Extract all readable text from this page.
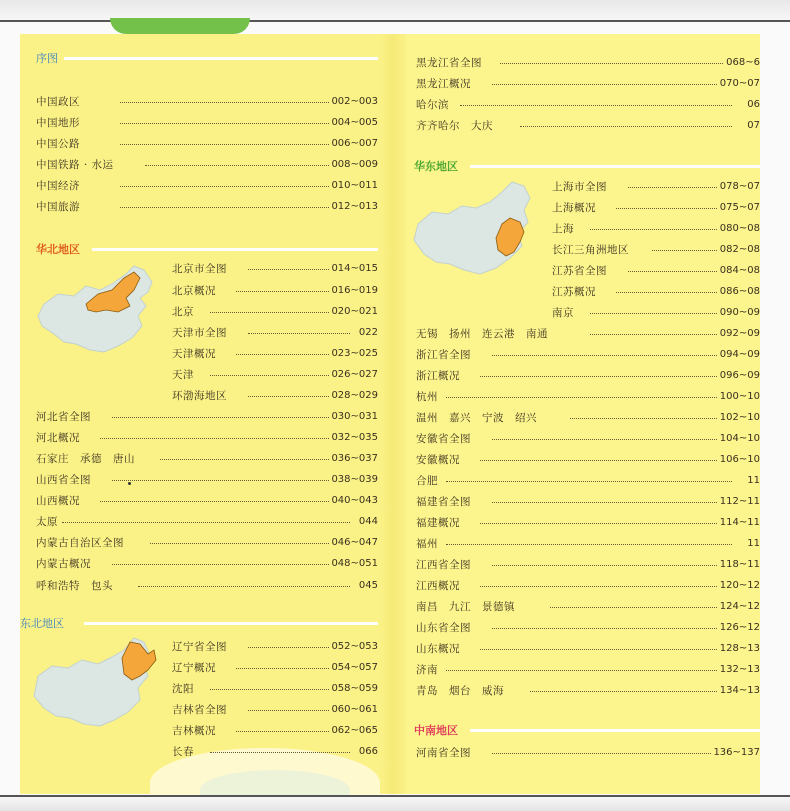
序图
华北地区
东北地区
华东地区
中南地区
中国政区	002~003
中国地形	004~005
中国公路	006~007
中国铁路 · 水运	008~009
中国经济	010~011
中国旅游	012~013
北京市全图	014~015
北京概况	016~019
北京	020~021
天津市全图	022
天津概况	023~025
天津	026~027
环渤海地区	028~029
河北省全图	030~031
河北概况	032~035
石家庄　承德　唐山	036~037
山西省全图	038~039
山西概况	040~043
太原	044
内蒙古自治区全图	046~047
内蒙古概况	048~051
呼和浩特　包头	045
辽宁省全图	052~053
辽宁概况	054~057
沈阳	058~059
吉林省全图	060~061
吉林概况	062~065
长春	066
黑龙江省全图	068~6
黑龙江概况	070~07
哈尔滨	06
齐齐哈尔　大庆	07
上海市全图	078~07
上海概况	075~07
上海	080~08
长江三角洲地区	082~08
江苏省全图	084~08
江苏概况	086~08
南京	090~09
无锡　扬州　连云港　南通	092~09
浙江省全图	094~09
浙江概况	096~09
杭州	100~10
温州　嘉兴　宁波　绍兴	102~10
安徽省全图	104~10
安徽概况	106~10
合肥	11
福建省全图	112~11
福建概况	114~11
福州	11
江西省全图	118~11
江西概况	120~12
南昌　九江　景德镇	124~12
山东省全图	126~12
山东概况	128~13
济南	132~13
青岛　烟台　威海	134~13
河南省全图	136~137
